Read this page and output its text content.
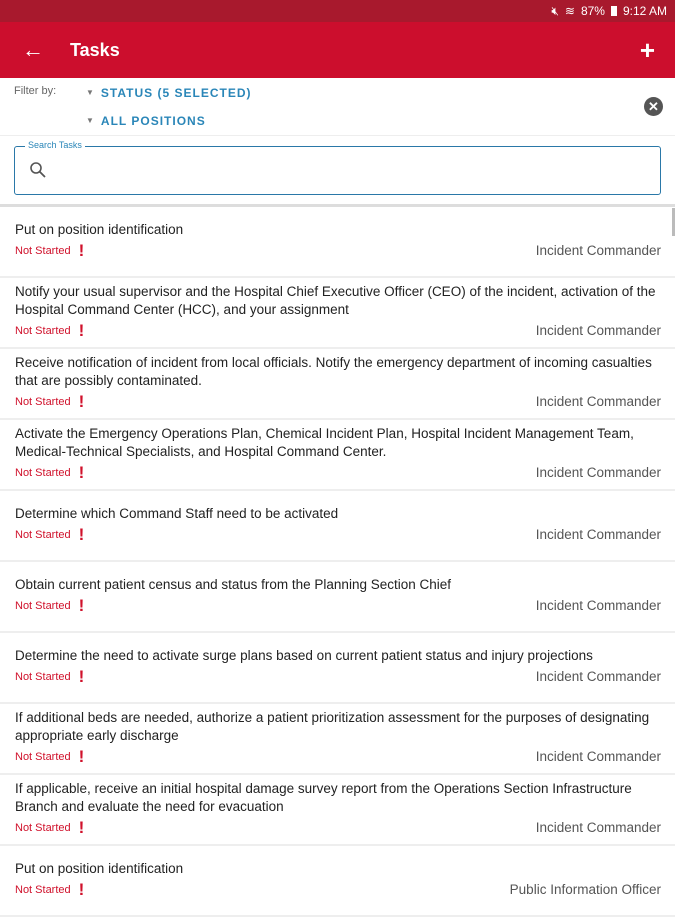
🔇︎ ≋ 87% 9:12 AM
← Tasks	+
Filter by:	▼ STATUS (5 SELECTED)
▼ ALL POSITIONS
✕
Search Tasks
Put on position identification
Not Started !	Incident Commander
Notify your usual supervisor and the Hospital Chief Executive Officer (CEO) of the incident, activation of the Hospital Command Center (HCC), and your assignment
Not Started !	Incident Commander
Receive notification of incident from local officials. Notify the emergency department of incoming casualties that are possibly contaminated.
Not Started !	Incident Commander
Activate the Emergency Operations Plan, Chemical Incident Plan, Hospital Incident Management Team, Medical-Technical Specialists, and Hospital Command Center.
Not Started !	Incident Commander
Determine which Command Staff need to be activated
Not Started !	Incident Commander
Obtain current patient census and status from the Planning Section Chief
Not Started !	Incident Commander
Determine the need to activate surge plans based on current patient status and injury projections
Not Started !	Incident Commander
If additional beds are needed, authorize a patient prioritization assessment for the purposes of designating appropriate early discharge
Not Started !	Incident Commander
If applicable, receive an initial hospital damage survey report from the Operations Section Infrastructure Branch and evaluate the need for evacuation
Not Started !	Incident Commander
Put on position identification
Not Started !	Public Information Officer
